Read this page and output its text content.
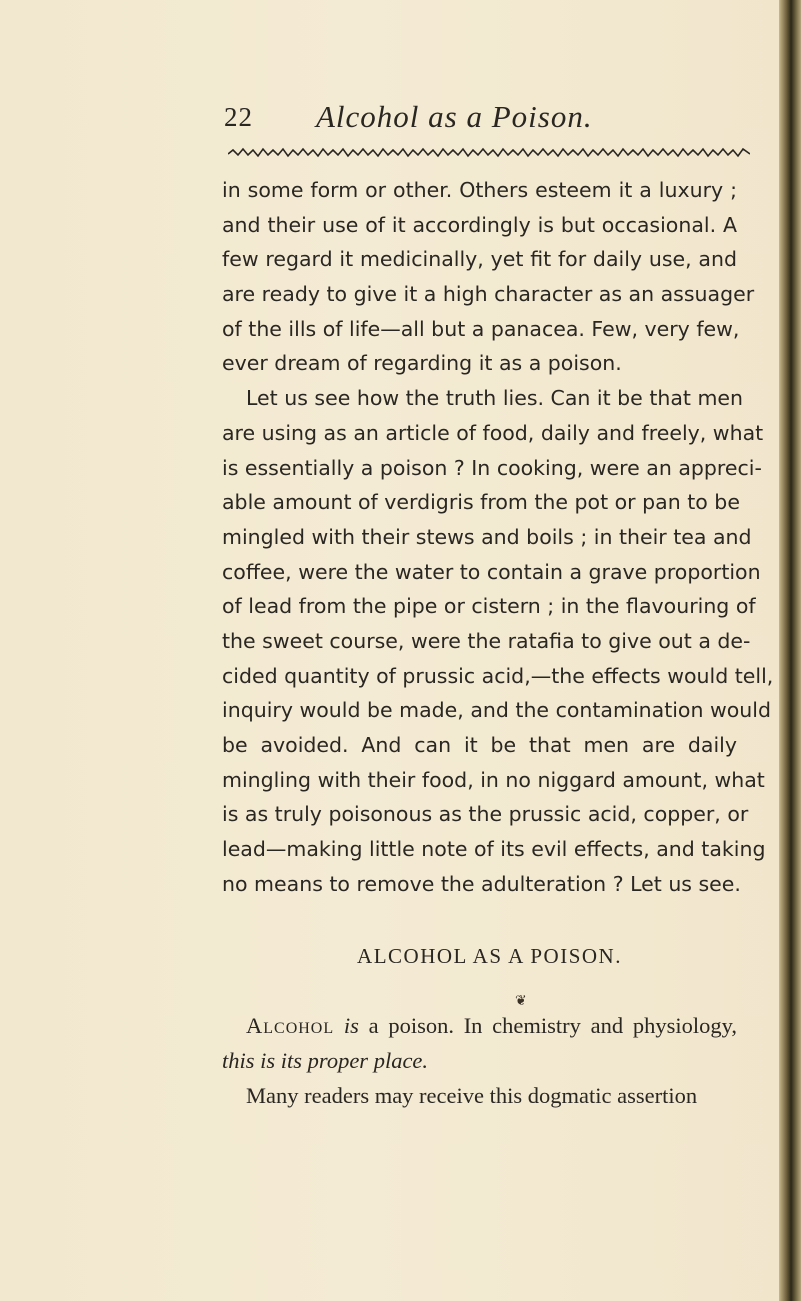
22 Alcohol as a Poison.
in some form or other. Others esteem it a luxury ;
and their use of it accordingly is but occasional. A
few regard it medicinally, yet fit for daily use, and
are ready to give it a high character as an assuager
of the ills of life—all but a panacea. Few, very few,
ever dream of regarding it as a poison.
Let us see how the truth lies. Can it be that men
are using as an article of food, daily and freely, what
is essentially a poison ? In cooking, were an appreci-
able amount of verdigris from the pot or pan to be
mingled with their stews and boils ; in their tea and
coffee, were the water to contain a grave proportion
of lead from the pipe or cistern ; in the flavouring of
the sweet course, were the ratafia to give out a de-
cided quantity of prussic acid,—the effects would tell,
inquiry would be made, and the contamination would
be avoided. And can it be that men are daily
mingling with their food, in no niggard amount, what
is as truly poisonous as the prussic acid, copper, or
lead—making little note of its evil effects, and taking
no means to remove the adulteration ? Let us see.
ALCOHOL AS A POISON.
Alcohol is a poison. In chemistry and physiology,
this is its proper place.
Many readers may receive this dogmatic assertion
❦
